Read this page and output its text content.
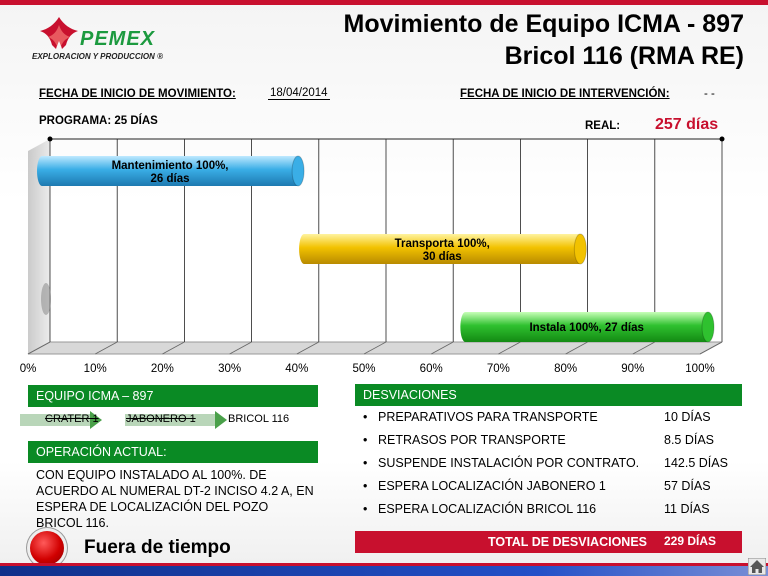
PEMEX
EXPLORACION Y PRODUCCION ®
Movimiento de Equipo ICMA - 897
Bricol 116 (RMA RE)
FECHA DE INICIO DE MOVIMIENTO:	18/04/2014	FECHA DE INICIO DE INTERVENCIÓN:	- -
PROGRAMA: 25 DÍAS	REAL: 257 días
Mantenimiento 100%,
26 días
Transporta 100%,
30 días
Instala 100%, 27 días
0%	10%	20%	30%	40%	50%	60%	70%	80%	90%	100%
EQUIPO ICMA – 897
CRATER 1 JABONERO 1	BRICOL 116
OPERACIÓN ACTUAL:
CON EQUIPO INSTALADO AL 100%. DE ACUERDO AL NUMERAL DT-2 INCISO 4.2 A, EN ESPERA DE LOCALIZACIÓN DEL POZO BRICOL 116.
DESVIACIONES
• PREPARATIVOS PARA TRANSPORTE	10 DÍAS
• RETRASOS POR TRANSPORTE	8.5 DÍAS
• SUSPENDE INSTALACIÓN POR CONTRATO. 142.5 DÍAS
• ESPERA LOCALIZACIÓN JABONERO 1	57 DÍAS
• ESPERA LOCALIZACIÓN BRICOL 116	11 DÍAS
TOTAL DE DESVIACIONES 229 DÍAS
Fuera de tiempo
